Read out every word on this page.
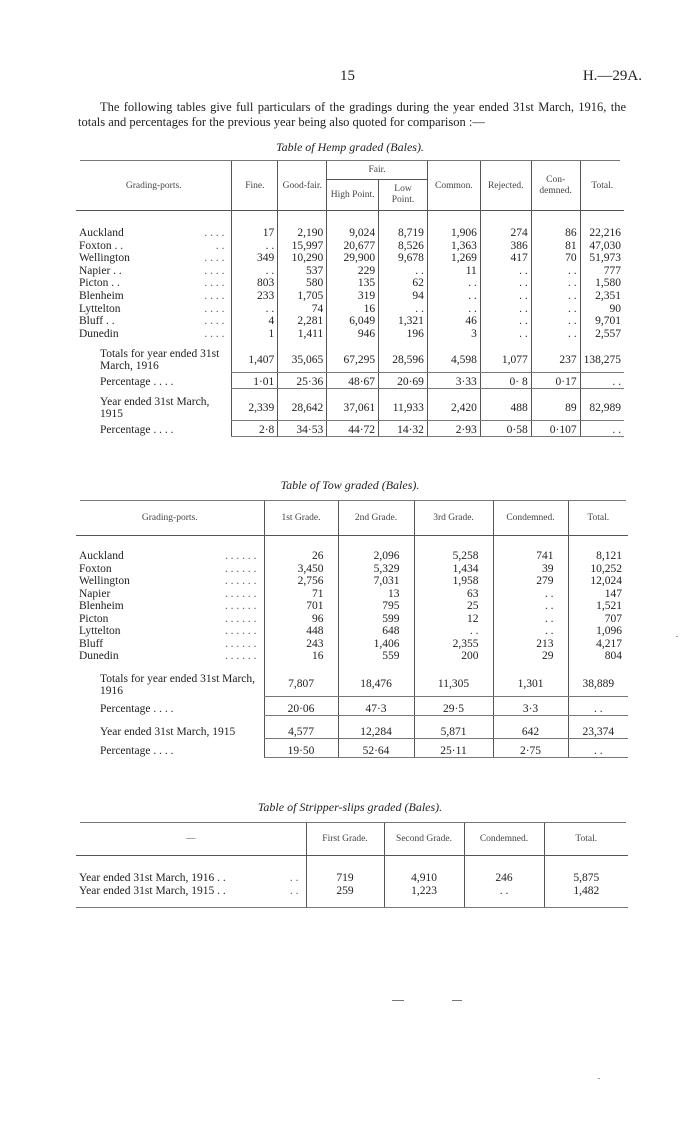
15	H.—29A.
The following tables give full particulars of the gradings during the year ended 31st March, 1916, the totals and percentages for the previous year being also quoted for comparison :—
Table of Hemp graded (Bales).
Grading-ports.	Fine.	Good-fair.	Fair.		Common.	Rejected.	Con-demned.	Total.
			High Point.	Low Point.				
Auckland . . . .	17	2,190	9,024	8,719	1,906	274	86	22,216
Foxton . . . .	. .	15,997	20,677	8,526	1,363	386	81	47,030
Wellington . . . .	349	10,290	29,900	9,678	1,269	417	70	51,973
Napier . . . . . .	. .	537	229	. .	11	. .	. .	777
Picton . . . . . .	803	580	135	62	. .	. .	. .	1,580
Blenheim . . . .	233	1,705	319	94	. .	. .	. .	2,351
Lyttelton . . . .	. .	74	16	. .	. .	. .	. .	90
Bluff . . . . . .	4	2,281	6,049	1,321	46	. .	. .	9,701
Dunedin . . . .	1	1,411	946	196	3	. .	. .	2,557
Totals for year ended 31st March, 1916	1,407	35,065	67,295	28,596	4,598	1,077	237	138,275
Percentage . . . .	1·01	25·36	48·67	20·69	3·33	0· 8	0·17	. .
Year ended 31st March, 1915	2,339	28,642	37,061	11,933	2,420	488	89	82,989
Percentage . . . .	2·8	34·53	44·72	14·32	2·93	0·58	0·107	. .
Table of Tow graded (Bales).
Grading-ports.	1st Grade.	2nd Grade.	3rd Grade.	Condemned.	Total.
Auckland . . . . . .	26	2,096	5,258	741	8,121
Foxton . . . . . .	3,450	5,329	1,434	39	10,252
Wellington . . . . . .	2,756	7,031	1,958	279	12,024
Napier . . . . . .	71	13	63	. .	147
Blenheim . . . . . .	701	795	25	. .	1,521
Picton . . . . . .	96	599	12	. .	707
Lyttelton . . . . . .	448	648	. .	. .	1,096
Bluff . . . . . .	243	1,406	2,355	213	4,217
Dunedin . . . . . .	16	559	200	29	804
Totals for year ended 31st March, 1916	7,807	18,476	11,305	1,301	38,889
Percentage . . . .	20·06	47·3	29·5	3·3	. .
Year ended 31st March, 1915	4,577	12,284	5,871	642	23,374
Percentage . . . .	19·50	52·64	25·11	2·75	. .
Table of Stripper-slips graded (Bales).
—	First Grade.	Second Grade.	Condemned.	Total.
Year ended 31st March, 1916 . . . .	719	4,910	246	5,875
Year ended 31st March, 1915 . . . .	259	1,223	. .	1,482
